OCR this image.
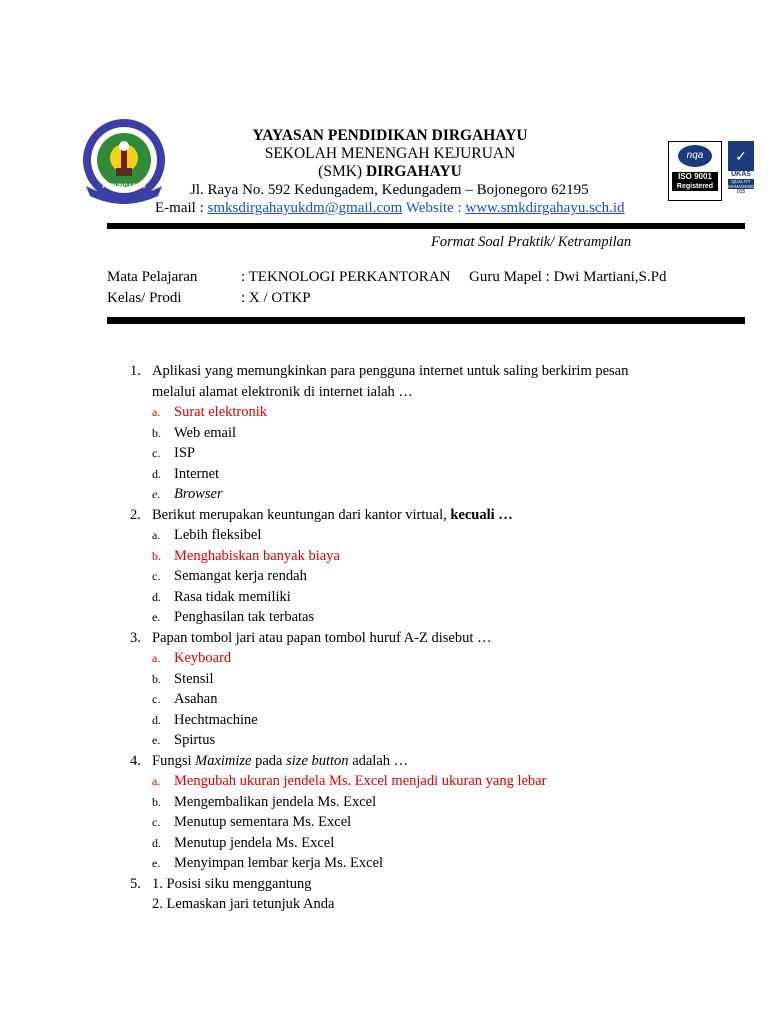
PEDUNGADEM
YAYASAN PENDIDIKAN DIRGAHAYU
SEKOLAH MENENGAH KEJURUAN
(SMK) DIRGAHAYU
Jl. Raya No. 592 Kedungadem, Kedungadem – Bojonegoro 62195
E-mail : smksdirgahayukdm@gmail.com Website : www.smkdirgahayu.sch.id
nqa
ISO 9001
Registered
✓
UKAS
QUALITY MANAGEMENT
015
Format Soal Praktik/ Ketrampilan
Mata Pelajaran	: TEKNOLOGI PERKANTORAN Guru Mapel : Dwi Martiani,S.Pd
Kelas/ Prodi	: X / OTKP
1. Aplikasi yang memungkinkan para pengguna internet untuk saling berkirim pesan
melalui alamat elektronik di internet ialah …
a. Surat elektronik
b. Web email
c. ISP
d. Internet
e. Browser
2. Berikut merupakan keuntungan dari kantor virtual, kecuali …
a. Lebih fleksibel
b. Menghabiskan banyak biaya
c. Semangat kerja rendah
d. Rasa tidak memiliki
e. Penghasilan tak terbatas
3. Papan tombol jari atau papan tombol huruf A-Z disebut …
a. Keyboard
b. Stensil
c. Asahan
d. Hechtmachine
e. Spirtus
4. Fungsi Maximize pada size button adalah …
a. Mengubah ukuran jendela Ms. Excel menjadi ukuran yang lebar
b. Mengembalikan jendela Ms. Excel
c. Menutup sementara Ms. Excel
d. Menutup jendela Ms. Excel
e. Menyimpan lembar kerja Ms. Excel
5. 1. Posisi siku menggantung
2. Lemaskan jari tetunjuk Anda
